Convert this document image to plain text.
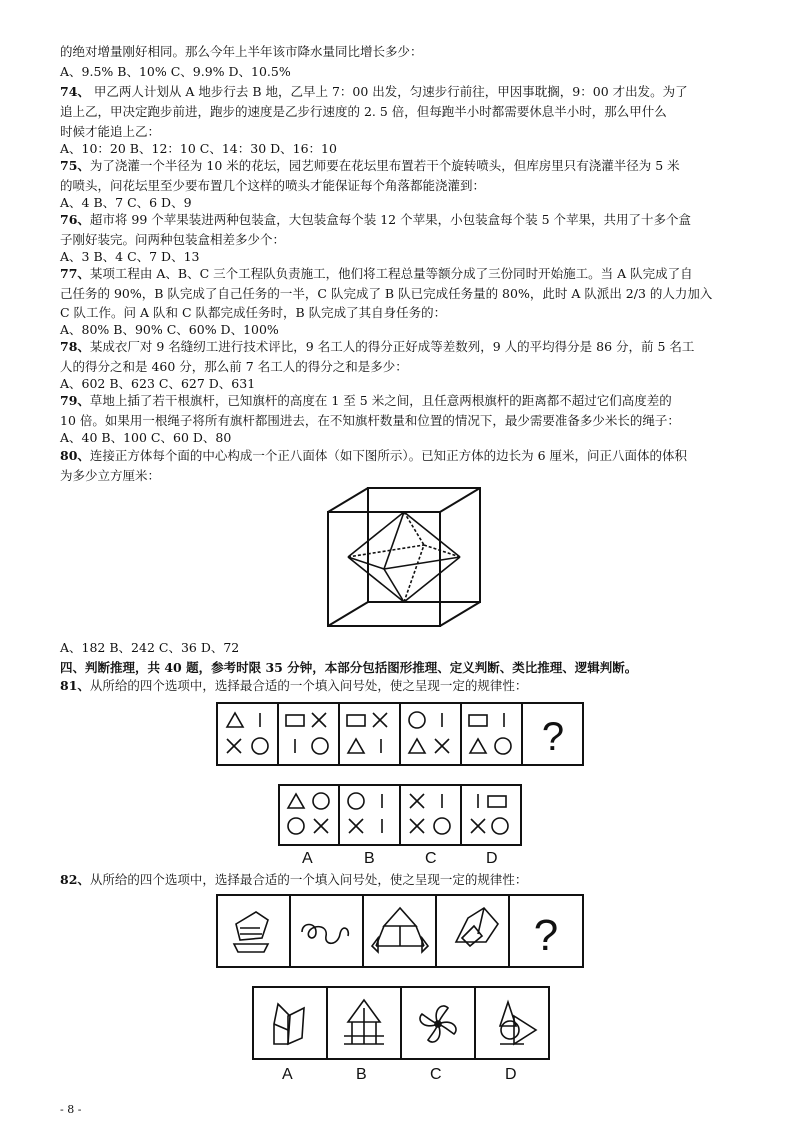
的绝对增量刚好相同。那么今年上半年该市降水量同比增长多少：
A、9.5% B、10% C、9.9% D、10.5%
74、 甲乙两人计划从 A 地步行去 B 地，乙早上 7：00 出发，匀速步行前往，甲因事耽搁，9：00 才出发。为了
追上乙，甲决定跑步前进，跑步的速度是乙步行速度的 2. 5 倍，但每跑半小时都需要休息半小时，那么甲什么
时候才能追上乙：
A、10：20 B、12：10 C、14：30 D、16：10
75、为了浇灌一个半径为 10 米的花坛，园艺师要在花坛里布置若干个旋转喷头，但库房里只有浇灌半径为 5 米
的喷头，问花坛里至少要布置几个这样的喷头才能保证每个角落都能浇灌到：
A、4 B、7 C、6 D、9
76、超市将 99 个苹果装进两种包装盒，大包装盒每个装 12 个苹果，小包装盒每个装 5 个苹果，共用了十多个盒
子刚好装完。问两种包装盒相差多少个：
A、3 B、4 C、7 D、13
77、某项工程由 A、B、C 三个工程队负责施工，他们将工程总量等额分成了三份同时开始施工。当 A 队完成了自
己任务的 90%，B 队完成了自己任务的一半，C 队完成了 B 队已完成任务量的 80%，此时 A 队派出 2/3 的人力加入
C 队工作。问 A 队和 C 队都完成任务时，B 队完成了其自身任务的：
A、80% B、90% C、60% D、100%
78、某成衣厂对 9 名缝纫工进行技术评比，9 名工人的得分正好成等差数列，9 人的平均得分是 86 分，前 5 名工
人的得分之和是 460 分，那么前 7 名工人的得分之和是多少：
A、602 B、623 C、627 D、631
79、草地上插了若干根旗杆，已知旗杆的高度在 1 至 5 米之间，且任意两根旗杆的距离都不超过它们高度差的
10 倍。如果用一根绳子将所有旗杆都围进去，在不知旗杆数量和位置的情况下，最少需要准备多少米长的绳子：
A、40 B、100 C、60 D、80
80、连接正方体每个面的中心构成一个正八面体（如下图所示）。已知正方体的边长为 6 厘米，问正八面体的体积
为多少立方厘米：
A、182 B、242 C、36 D、72
四、判断推理，共 40 题，参考时限 35 分钟，本部分包括图形推理、定义判断、类比推理、逻辑判断。
81、从所给的四个选项中，选择最合适的一个填入问号处，使之呈现一定的规律性：
?
A	B	C	D
82、从所给的四个选项中，选择最合适的一个填入问号处，使之呈现一定的规律性：
?
A	B	C	D
- 8 -
